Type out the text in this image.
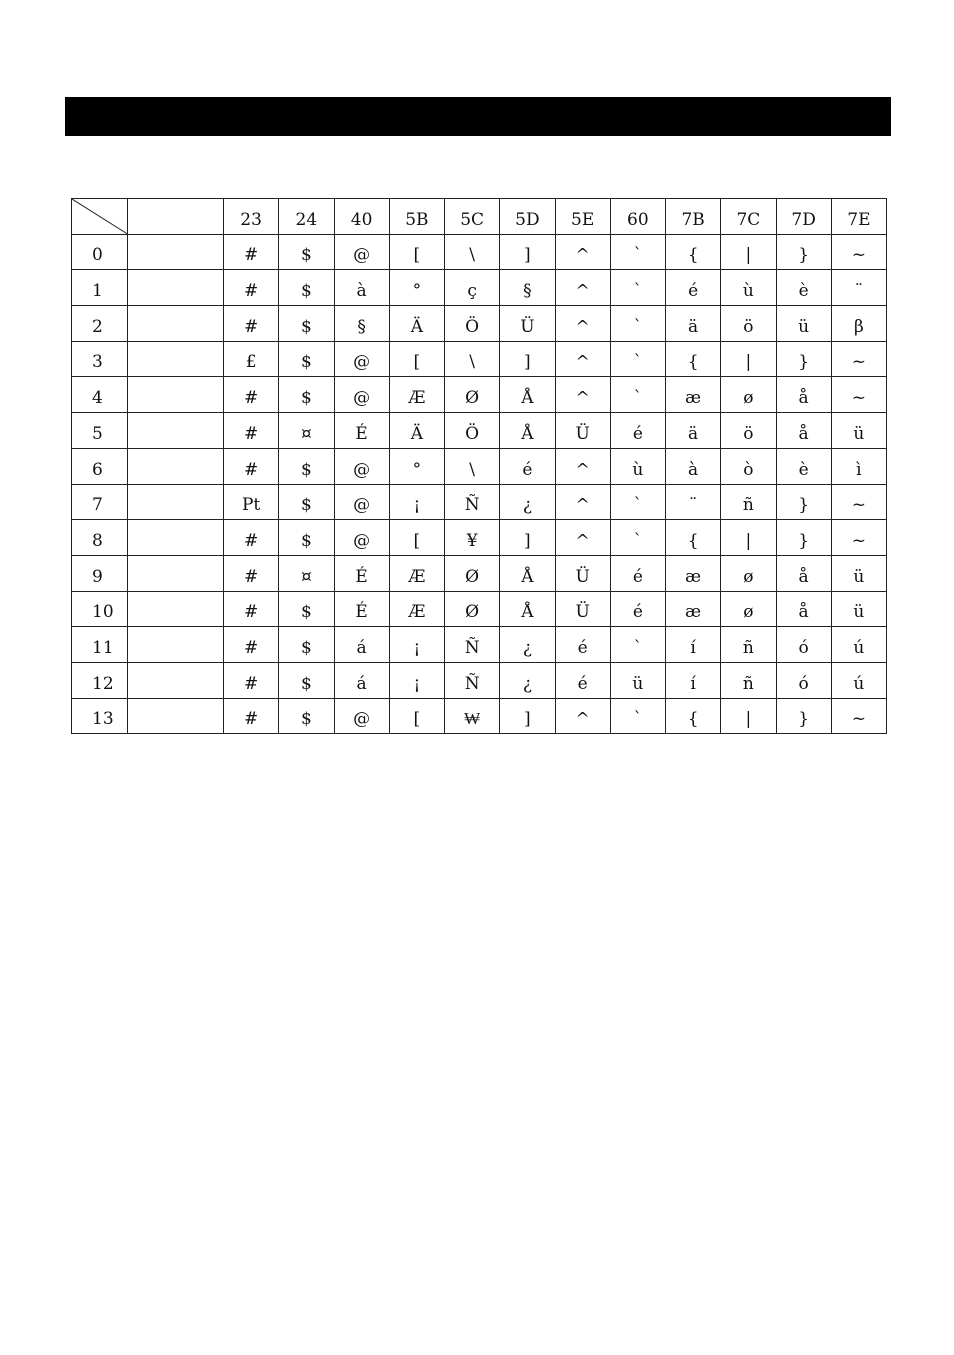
		23	24	40	5B	5C	5D	5E	60	7B	7C	7D	7E
0		#	$	@	[	\	]	^	`	{	|	}	~
1		#	$	à	°	ç	§	^	`	é	ù	è	¨
2		#	$	§	Ä	Ö	Ü	^	`	ä	ö	ü	β
3		£	$	@	[	\	]	^	`	{	|	}	~
4		#	$	@	Æ	Ø	Å	^	`	æ	ø	å	~
5		#	¤	É	Ä	Ö	Å	Ü	é	ä	ö	å	ü
6		#	$	@	°	\	é	^	ù	à	ò	è	ì
7		Pt	$	@	¡	Ñ	¿	^	`	¨	ñ	}	~
8		#	$	@	[	¥	]	^	`	{	|	}	~
9		#	¤	É	Æ	Ø	Å	Ü	é	æ	ø	å	ü
10		#	$	É	Æ	Ø	Å	Ü	é	æ	ø	å	ü
11		#	$	á	¡	Ñ	¿	é	`	í	ñ	ó	ú
12		#	$	á	¡	Ñ	¿	é	ü	í	ñ	ó	ú
13		#	$	@	[	₩	]	^	`	{	|	}	~
